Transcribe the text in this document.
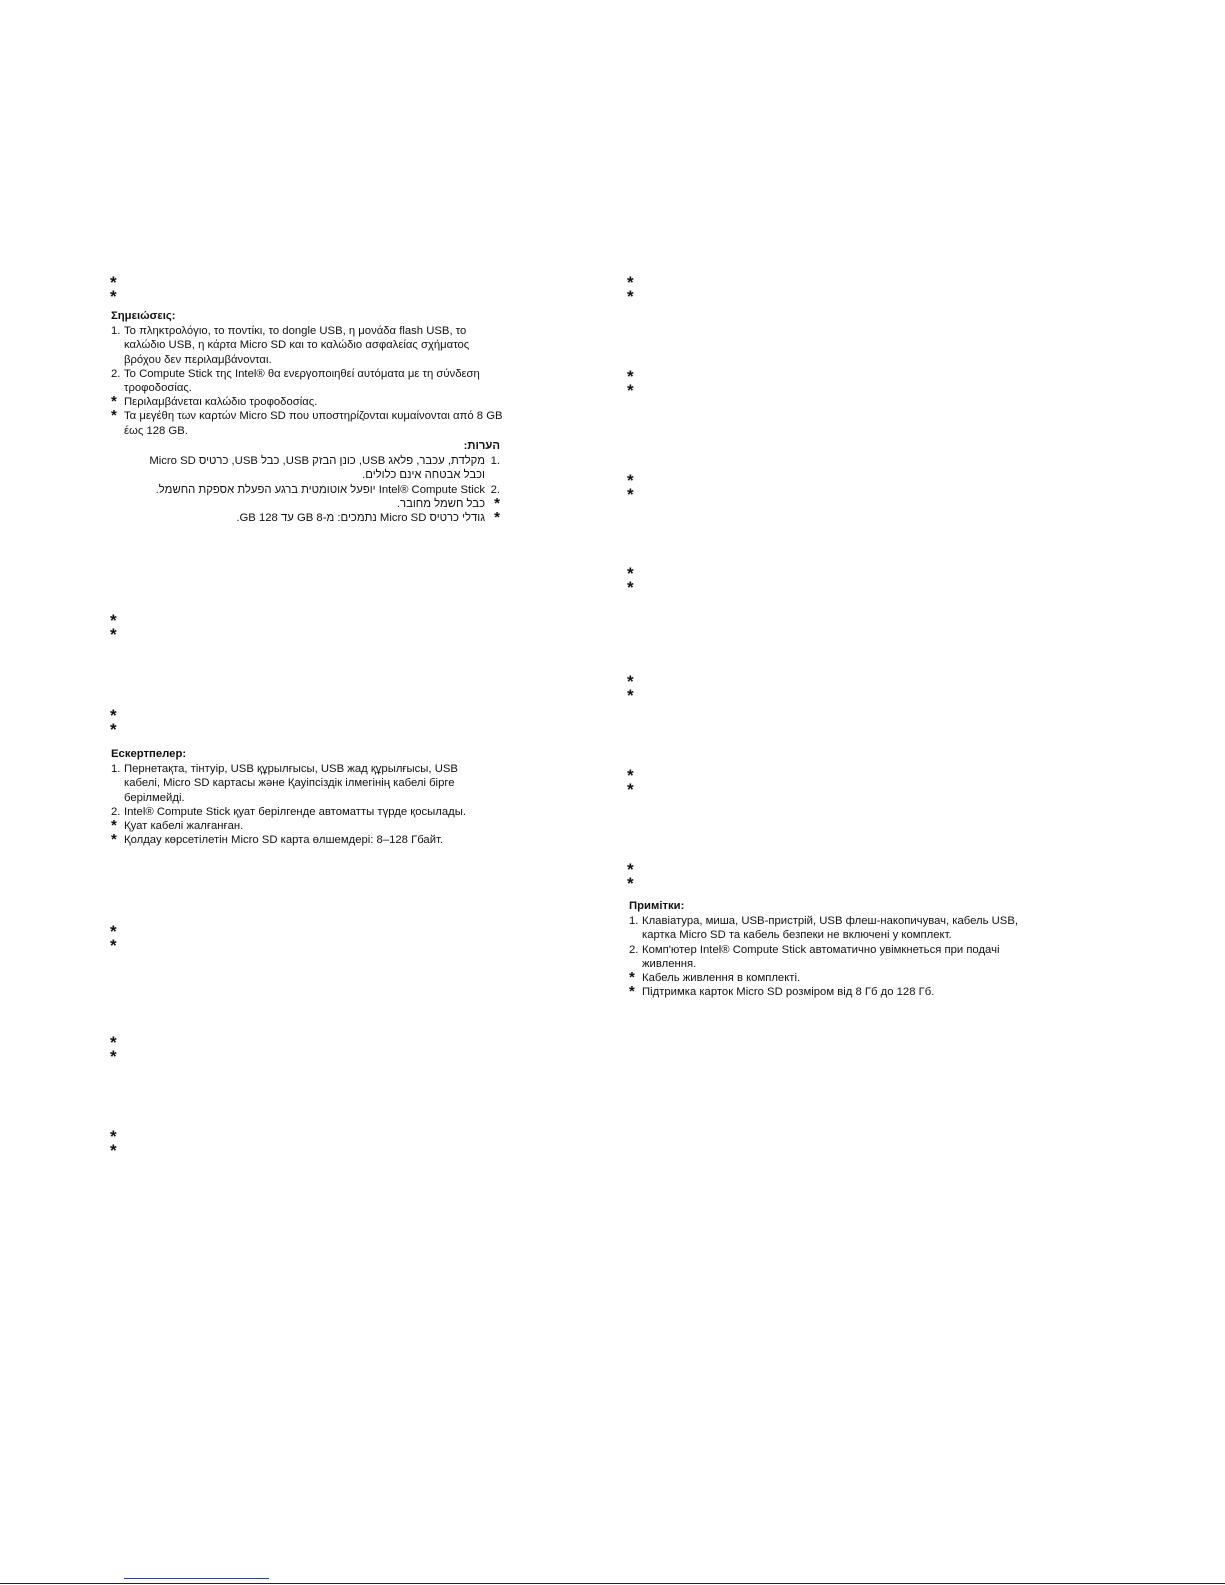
*
*
*
*
*
*
*
*
*
*
*
*
*
*
*
*
*
*
*
*
*
*
*
*
*
*
Σημειώσεις:
1. Το πληκτρολόγιο, το ποντίκι, το dongle USB, η μονάδα flash USB, το καλώδιο USB, η κάρτα Micro SD και το καλώδιο ασφαλείας σχήματος βρόχου δεν περιλαμβάνονται.
2. Το Compute Stick της Intel® θα ενεργοποιηθεί αυτόματα με τη σύνδεση τροφοδοσίας.
* Περιλαμβάνεται καλώδιο τροφοδοσίας.
* Τα μεγέθη των καρτών Micro SD που υποστηρίζονται κυμαίνονται από 8 GB έως 128 GB.
הערות:
.1
מקלדת, עכבר, פלאג USB, כונן הבזק USB, כבל USB, כרטיס Micro SD וכבל אבטחה אינם כלולים.
.2
Intel® Compute Stick יופעל אוטומטית ברגע הפעלת אספקת החשמל.
*
כבל חשמל מחובר.
*
גודלי כרטיס Micro SD נתמכים: מ-8 GB עד 128 GB.
Ескертпелер:
1. Пернетақта, тінтуір, USB құрылғысы, USB жад құрылғысы, USB кабелі, Micro SD картасы және Қауіпсіздік ілмегінің кабелі бірге берілмейді.
2. Intel® Compute Stick қуат берілгенде автоматты түрде қосылады.
* Қуат кабелі жалғанған.
* Қолдау көрсетілетін Micro SD карта өлшемдері: 8–128 Гбайт.
Примітки:
1. Клавіатура, миша, USB-пристрій, USB флеш-накопичувач, кабель USB, картка Micro SD та кабель безпеки не включені у комплект.
2. Комп'ютер Intel® Compute Stick автоматично увімкнеться при подачі живлення.
* Кабель живлення в комплекті.
* Підтримка карток Micro SD розміром від 8 Гб до 128 Гб.
